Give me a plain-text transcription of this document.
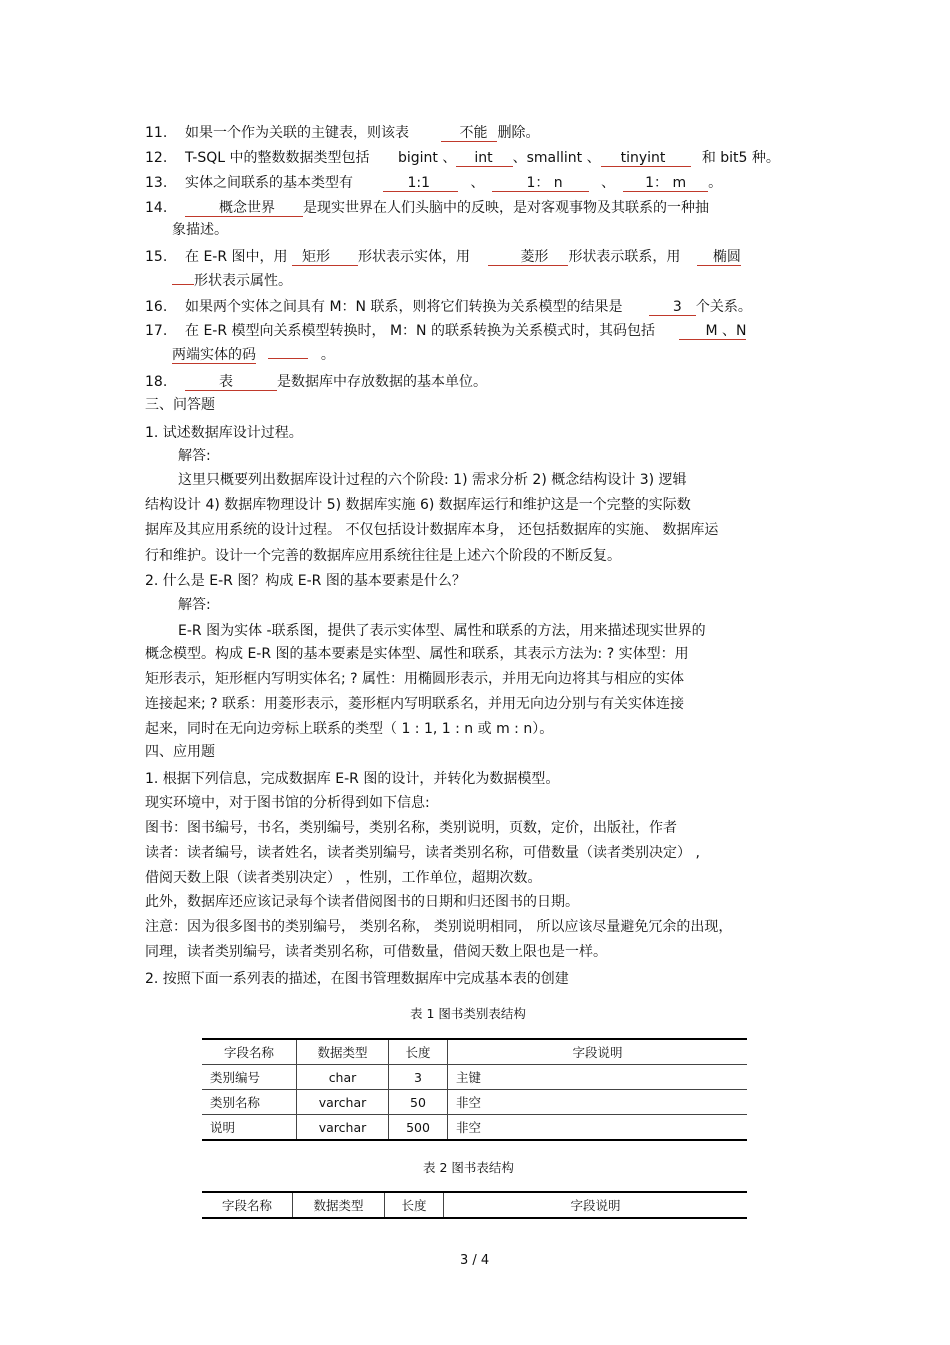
11. 如果一个作为关联的主键表，则该表	不能 删除。
12. T-SQL 中的整数数据类型包括 bigint 、 int 、smallint 、 tinyint	和 bit5 种。
13. 实体之间联系的基本类型有	1:1	、	1： n	、 1： m 。
14.	概念世界 是现实世界在人们头脑中的反映，是对客观事物及其联系的一种抽
象描述。
15. 在 E-R 图中，用 矩形 形状表示实体，用	菱形 形状表示联系，用 椭圆
形状表示属性。
16. 如果两个实体之间具有 M：N 联系，则将它们转换为关系模型的结果是	3 个关系。
17. 在 E-R 模型向关系模型转换时， M：N 的联系转换为关系模式时，其码包括	M 、N
两端实体的码	。
18.	表	是数据库中存放数据的基本单位。
三、问答题
1. 试述数据库设计过程。
解答:
这里只概要列出数据库设计过程的六个阶段: 1) 需求分析 2) 概念结构设计 3) 逻辑
结构设计 4) 数据库物理设计 5) 数据库实施 6) 数据库运行和维护这是一个完整的实际数
据库及其应用系统的设计过程。 不仅包括设计数据库本身， 还包括数据库的实施、 数据库运
行和维护。设计一个完善的数据库应用系统往往是上述六个阶段的不断反复。
2. 什么是 E-R 图？构成 E-R 图的基本要素是什么？
解答:
E-R 图为实体 -联系图，提供了表示实体型、属性和联系的方法，用来描述现实世界的
概念模型。构成 E-R 图的基本要素是实体型、属性和联系，其表示方法为: ? 实体型：用
矩形表示，矩形框内写明实体名; ? 属性：用椭圆形表示，并用无向边将其与相应的实体
连接起来; ? 联系：用菱形表示，菱形框内写明联系名，并用无向边分别与有关实体连接
起来，同时在无向边旁标上联系的类型（ 1 : 1, 1 : n 或 m : n）。
四、应用题
1. 根据下列信息，完成数据库 E-R 图的设计，并转化为数据模型。
现实环境中，对于图书馆的分析得到如下信息:
图书：图书编号，书名，类别编号，类别名称，类别说明，页数，定价，出版社，作者
读者：读者编号，读者姓名，读者类别编号，读者类别名称，可借数量（读者类别决定） ,
借阅天数上限（读者类别决定） ，性别，工作单位，超期次数。
此外，数据库还应该记录每个读者借阅图书的日期和归还图书的日期。
注意：因为很多图书的类别编号， 类别名称， 类别说明相同， 所以应该尽量避免冗余的出现，
同理，读者类别编号，读者类别名称，可借数量，借阅天数上限也是一样。
2. 按照下面一系列表的描述，在图书管理数据库中完成基本表的创建
表 1 图书类别表结构
字段名称	数据类型	长度	字段说明
类别编号	char	3	主键
类别名称	varchar	50	非空
说明	varchar	500	非空
表 2 图书表结构
字段名称	数据类型	长度	字段说明
3 / 4
